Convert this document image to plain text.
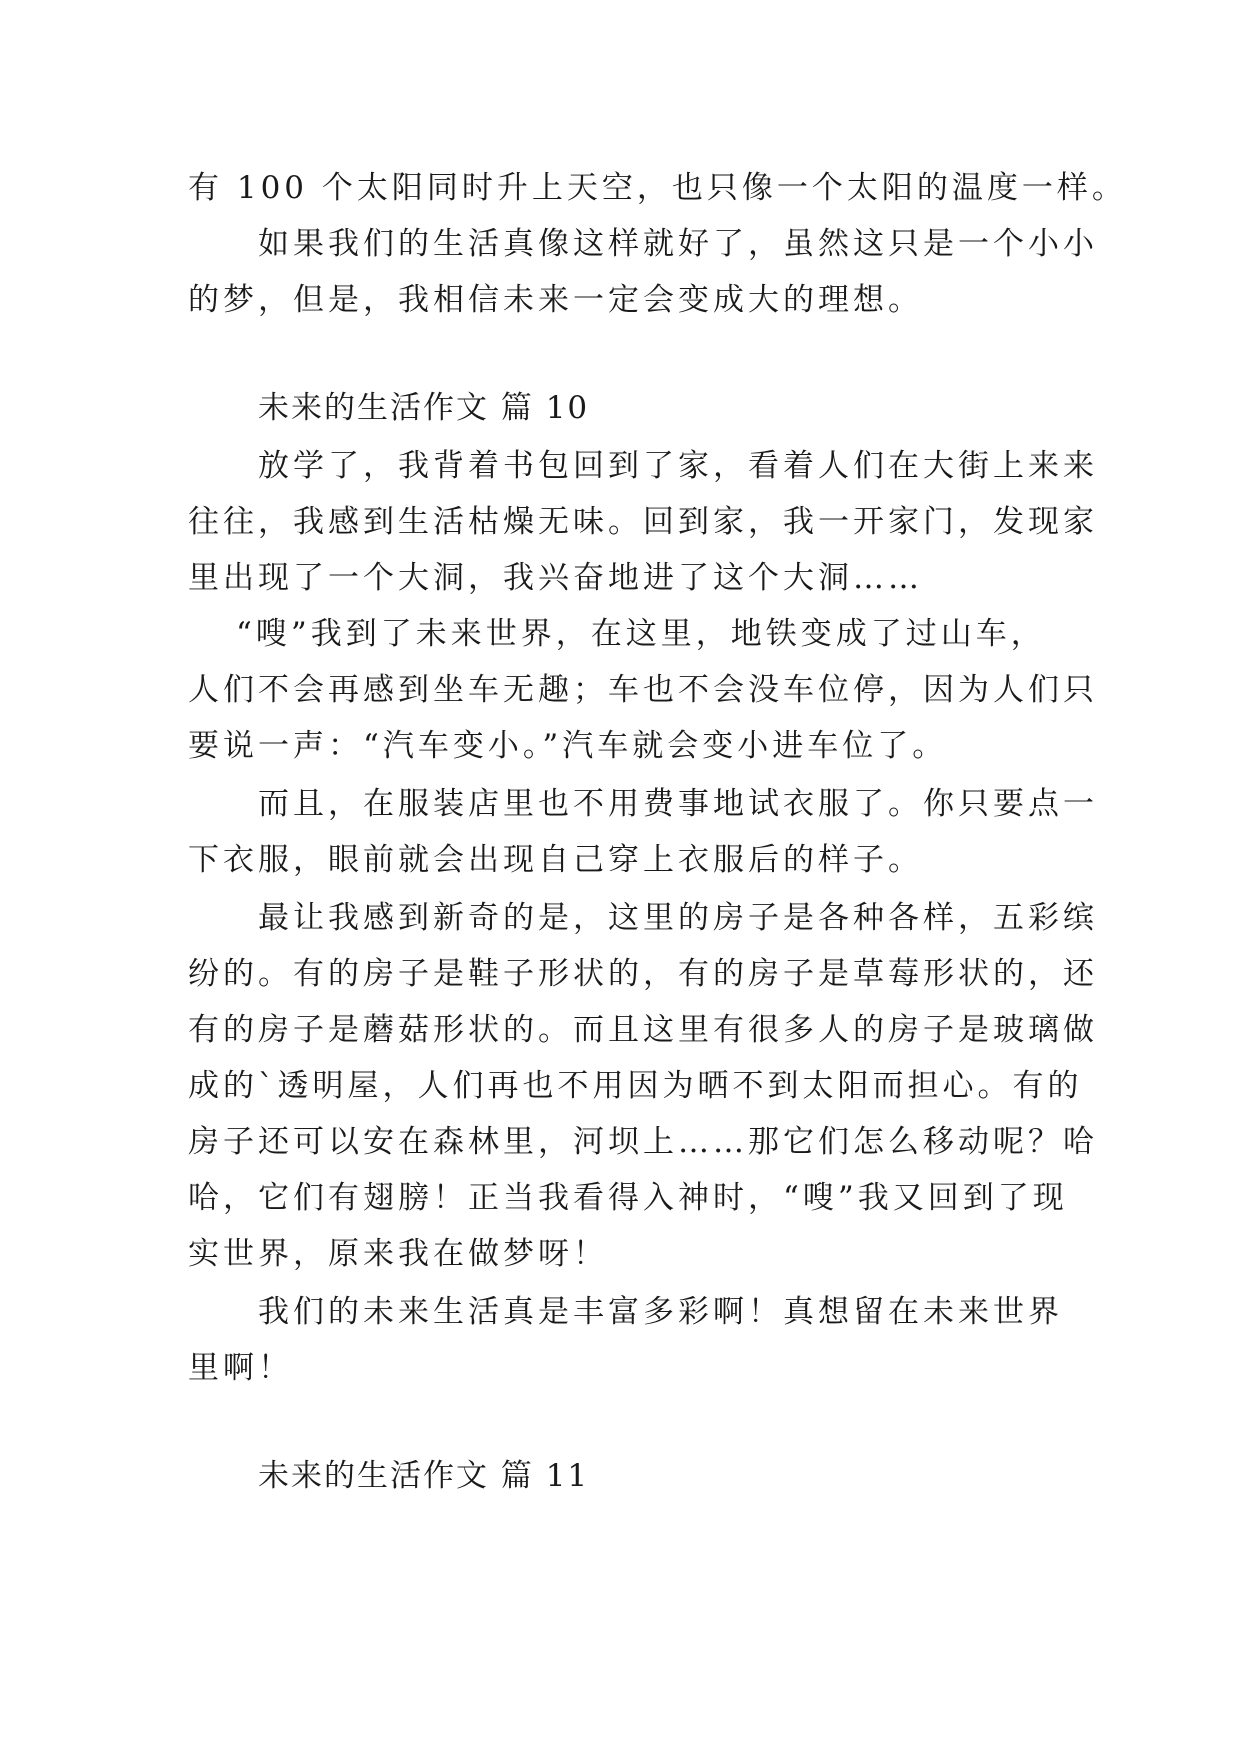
有 100 个太阳同时升上天空，也只像一个太阳的温度一样。
如果我们的生活真像这样就好了，虽然这只是一个小小
的梦，但是，我相信未来一定会变成大的理想。
未来的生活作文 篇 10
放学了，我背着书包回到了家，看着人们在大街上来来
往往，我感到生活枯燥无味。回到家，我一开家门，发现家
里出现了一个大洞，我兴奋地进了这个大洞……
“嗖”我到了未来世界，在这里，地铁变成了过山车，
人们不会再感到坐车无趣；车也不会没车位停，因为人们只
要说一声：“汽车变小。”汽车就会变小进车位了。
而且，在服装店里也不用费事地试衣服了。你只要点一
下衣服，眼前就会出现自己穿上衣服后的样子。
最让我感到新奇的是，这里的房子是各种各样，五彩缤
纷的。有的房子是鞋子形状的，有的房子是草莓形状的，还
有的房子是蘑菇形状的。而且这里有很多人的房子是玻璃做
成的`透明屋，人们再也不用因为晒不到太阳而担心。有的
房子还可以安在森林里，河坝上……那它们怎么移动呢？哈
哈，它们有翅膀！正当我看得入神时，“嗖”我又回到了现
实世界，原来我在做梦呀！
我们的未来生活真是丰富多彩啊！真想留在未来世界
里啊！
未来的生活作文 篇 11
